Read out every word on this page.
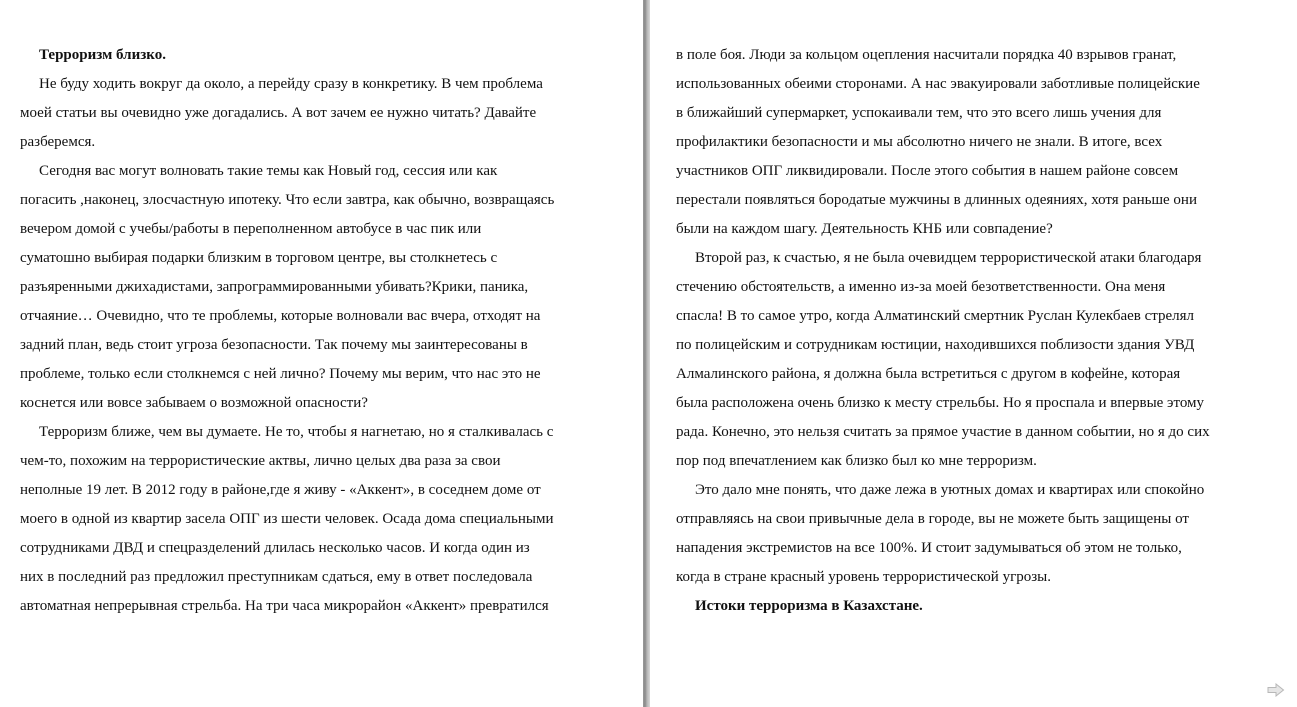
Терроризм близко.
Не буду ходить вокруг да около, а перейду сразу в конкретику. В чем проблема
моей статьи вы очевидно уже догадались. А вот зачем ее нужно читать? Давайте
разберемся.
Сегодня вас могут волновать такие темы как Новый год, сессия или как
погасить ,наконец, злосчастную ипотеку. Что если завтра, как обычно, возвращаясь
вечером домой с учебы/работы в переполненном автобусе в час пик или
суматошно выбирая подарки близким в торговом центре, вы столкнетесь с
разъяренными джихадистами, запрограммированными убивать?Крики, паника,
отчаяние… Очевидно, что те проблемы, которые волновали вас вчера, отходят на
задний план, ведь стоит угроза безопасности. Так почему мы заинтересованы в
проблеме, только если столкнемся с ней лично? Почему мы верим, что нас это не
коснется или вовсе забываем о возможной опасности?
Терроризм ближе, чем вы думаете. Не то, чтобы я нагнетаю, но я сталкивалась с
чем-то, похожим на террористические актвы, лично целых два раза за свои
неполные 19 лет. В 2012 году в районе,где я живу - «Аккент», в соседнем доме от
моего в одной из квартир засела ОПГ из шести человек. Осада дома специальными
сотрудниками ДВД и спецразделений длилась несколько часов. И когда один из
них в последний раз предложил преступникам сдаться, ему в ответ последовала
автоматная непрерывная стрельба. На три часа микрорайон «Аккент» превратился
в поле боя. Люди за кольцом оцепления насчитали порядка 40 взрывов гранат,
использованных обеими сторонами. А нас эвакуировали заботливые полицейские
в ближайший супермаркет, успокаивали тем, что это всего лишь учения для
профилактики безопасности и мы абсолютно ничего не знали. В итоге, всех
участников ОПГ ликвидировали. После этого события в нашем районе совсем
перестали появляться бородатые мужчины в длинных одеяниях, хотя раньше они
были на каждом шагу. Деятельность КНБ или совпадение?
Второй раз, к счастью, я не была очевидцем террористической атаки благодаря
стечению обстоятельств, а именно из-за моей безответственности. Она меня
спасла! В то самое утро, когда Алматинский смертник Руслан Кулекбаев стрелял
по полицейским и сотрудникам юстиции, находившихся поблизости здания УВД
Алмалинского района, я должна была встретиться с другом в кофейне, которая
была расположена очень близко к месту стрельбы. Но я проспала и впервые этому
рада. Конечно, это нельзя считать за прямое участие в данном событии, но я до сих
пор под впечатлением как близко был ко мне терроризм.
Это дало мне понять, что даже лежа в уютных домах и квартирах или спокойно
отправляясь на свои привычные дела в городе, вы не можете быть защищены от
нападения экстремистов на все 100%. И стоит задумываться об этом не только,
когда в стране красный уровень террористической угрозы.
Истоки терроризма в Казахстане.
